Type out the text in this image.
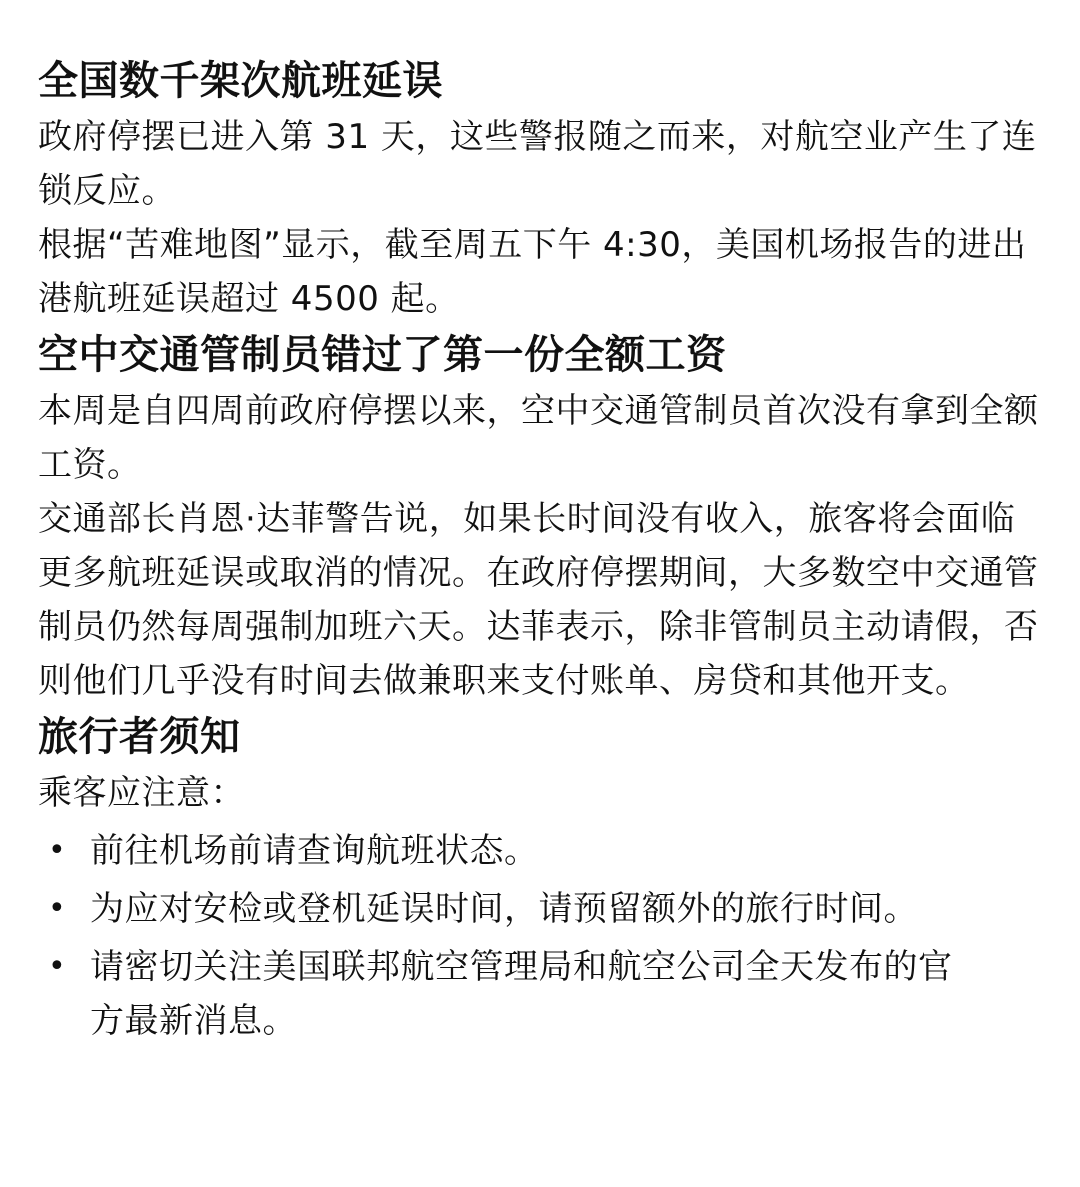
全国数千架次航班延误

政府停摆已进入第 31 天，这些警报随之而来，对航空业产生了连锁反应。

根据“苦难地图”显示，截至周五下午 4:30，美国机场报告的进出港航班延误超过 4500 起。

空中交通管制员错过了第一份全额工资

本周是自四周前政府停摆以来，空中交通管制员首次没有拿到全额工资。

交通部长肖恩·达菲警告说，如果长时间没有收入，旅客将会面临更多航班延误或取消的情况。在政府停摆期间，大多数空中交通管制员仍然每周强制加班六天。达菲表示，除非管制员主动请假，否则他们几乎没有时间去做兼职来支付账单、房贷和其他开支。

旅行者须知

乘客应注意：

• 前往机场前请查询航班状态。
• 为应对安检或登机延误时间，请预留额外的旅行时间。
• 请密切关注美国联邦航空管理局和航空公司全天发布的官方最新消息。
